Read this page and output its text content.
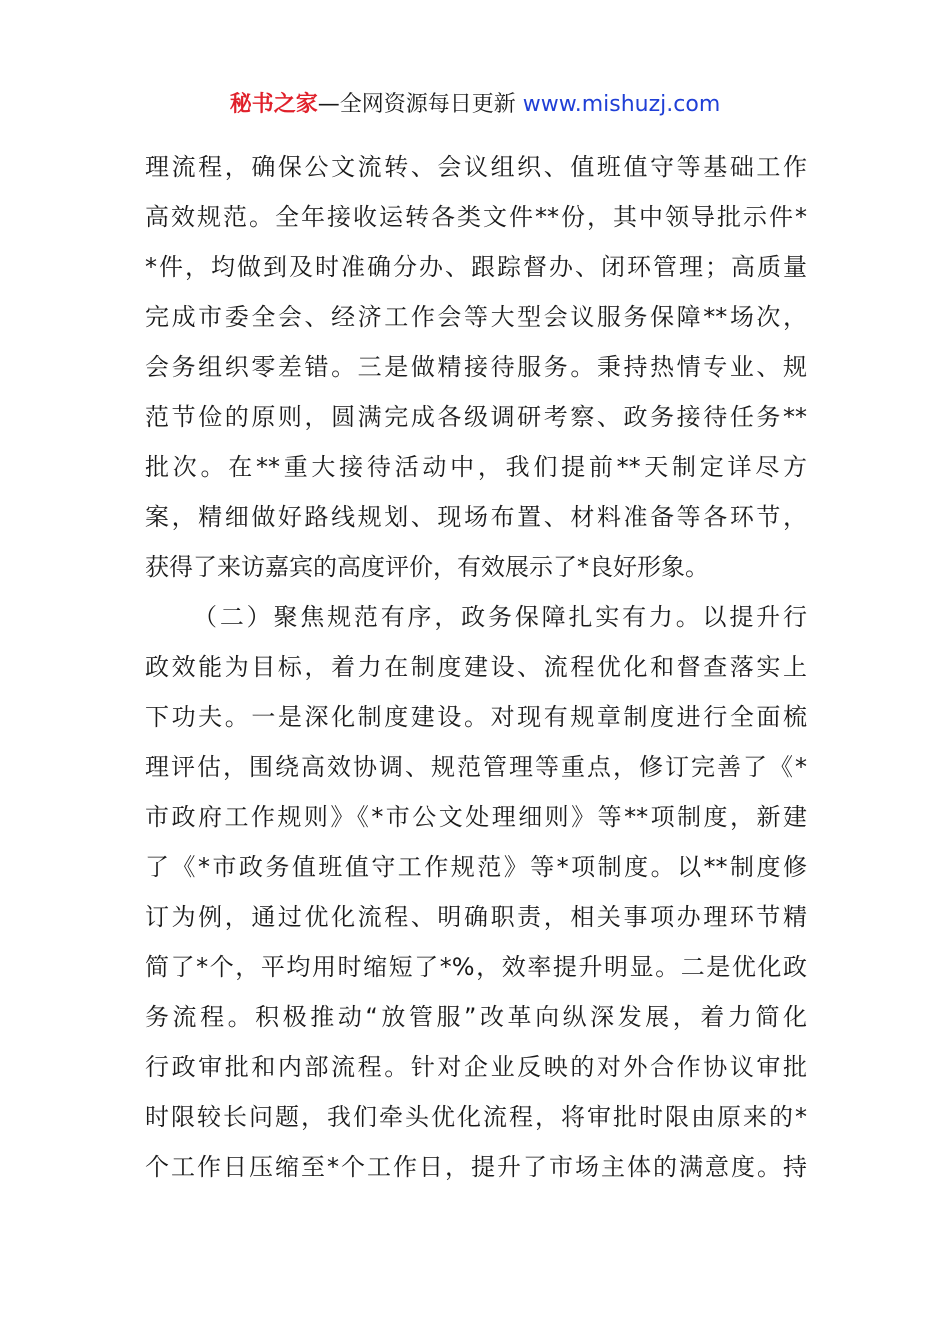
秘书之家—全网资源每日更新 www.mishuzj.com
理流程，确保公文流转、会议组织、值班值守等基础工作
高效规范。全年接收运转各类文件**份，其中领导批示件*
*件，均做到及时准确分办、跟踪督办、闭环管理；高质量
完成市委全会、经济工作会等大型会议服务保障**场次，
会务组织零差错。三是做精接待服务。秉持热情专业、规
范节俭的原则，圆满完成各级调研考察、政务接待任务**
批次。在**重大接待活动中，我们提前**天制定详尽方
案，精细做好路线规划、现场布置、材料准备等各环节，
获得了来访嘉宾的高度评价，有效展示了*良好形象。
（二）聚焦规范有序，政务保障扎实有力。以提升行
政效能为目标，着力在制度建设、流程优化和督查落实上
下功夫。一是深化制度建设。对现有规章制度进行全面梳
理评估，围绕高效协调、规范管理等重点，修订完善了《*
市政府工作规则》《*市公文处理细则》等**项制度，新建
了《*市政务值班值守工作规范》等*项制度。以**制度修
订为例，通过优化流程、明确职责，相关事项办理环节精
简了*个，平均用时缩短了*%，效率提升明显。二是优化政
务流程。积极推动“放管服”改革向纵深发展，着力简化
行政审批和内部流程。针对企业反映的对外合作协议审批
时限较长问题，我们牵头优化流程，将审批时限由原来的*
个工作日压缩至*个工作日，提升了市场主体的满意度。持
